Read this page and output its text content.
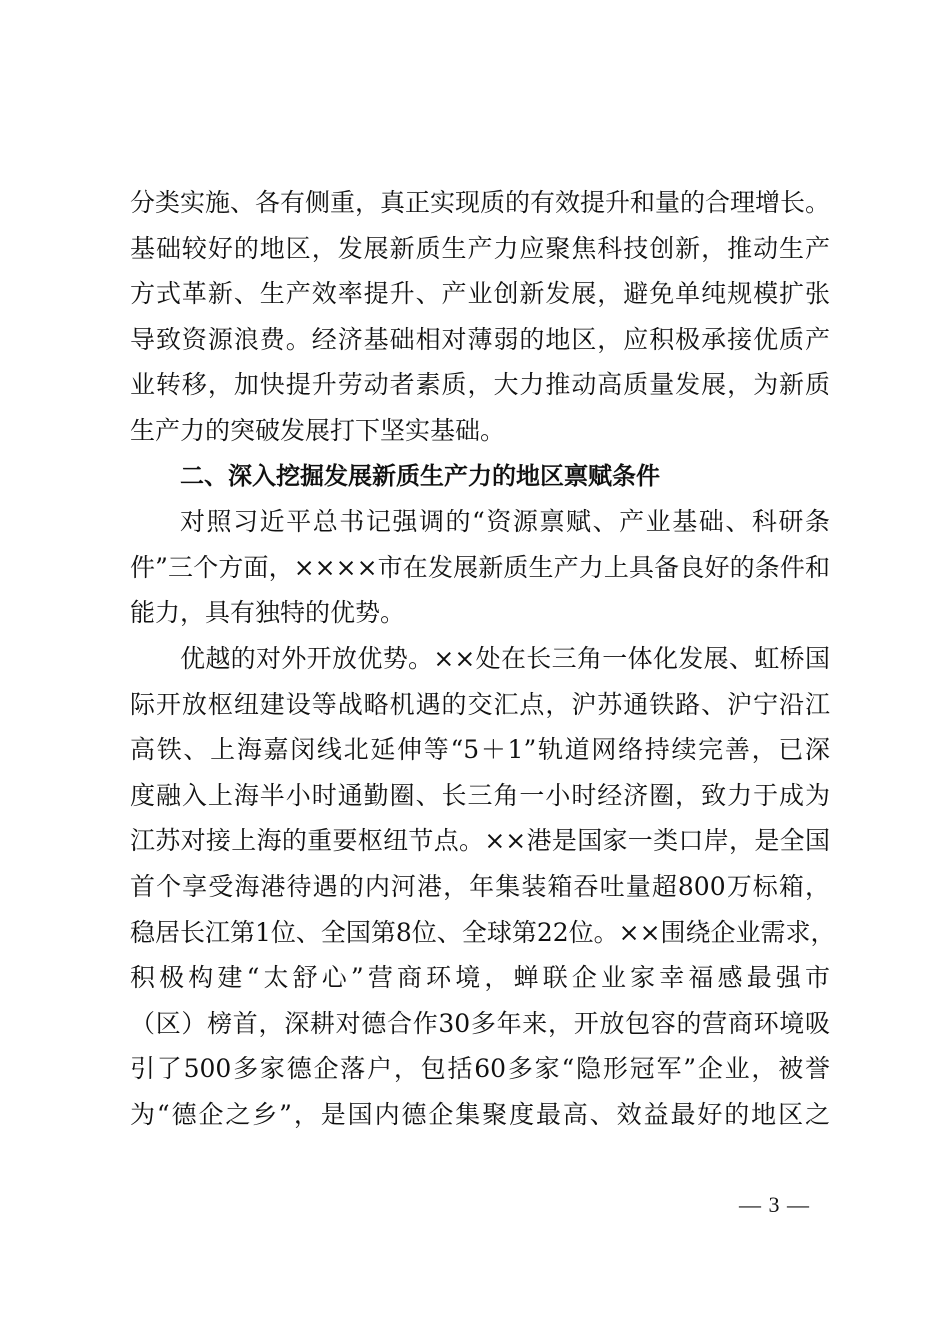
分类实施、各有侧重，真正实现质的有效提升和量的合理增长。
基础较好的地区，发展新质生产力应聚焦科技创新，推动生产
方式革新、生产效率提升、产业创新发展，避免单纯规模扩张
导致资源浪费。经济基础相对薄弱的地区，应积极承接优质产
业转移，加快提升劳动者素质，大力推动高质量发展，为新质
生产力的突破发展打下坚实基础。
二、深入挖掘发展新质生产力的地区禀赋条件
对照习近平总书记强调的“资源禀赋、产业基础、科研条
件”三个方面，××××市在发展新质生产力上具备良好的条件和
能力，具有独特的优势。
优越的对外开放优势。××处在长三角一体化发展、虹桥国
际开放枢纽建设等战略机遇的交汇点，沪苏通铁路、沪宁沿江
高铁、上海嘉闵线北延伸等“5＋1”轨道网络持续完善，已深
度融入上海半小时通勤圈、长三角一小时经济圈，致力于成为
江苏对接上海的重要枢纽节点。××港是国家一类口岸，是全国
首个享受海港待遇的内河港，年集装箱吞吐量超800万标箱，
稳居长江第1位、全国第8位、全球第22位。××围绕企业需求，
积极构建“太舒心”营商环境，蝉联企业家幸福感最强市
（区）榜首，深耕对德合作30多年来，开放包容的营商环境吸
引了500多家德企落户，包括60多家“隐形冠军”企业，被誉
为“德企之乡”，是国内德企集聚度最高、效益最好的地区之
— 3 —
